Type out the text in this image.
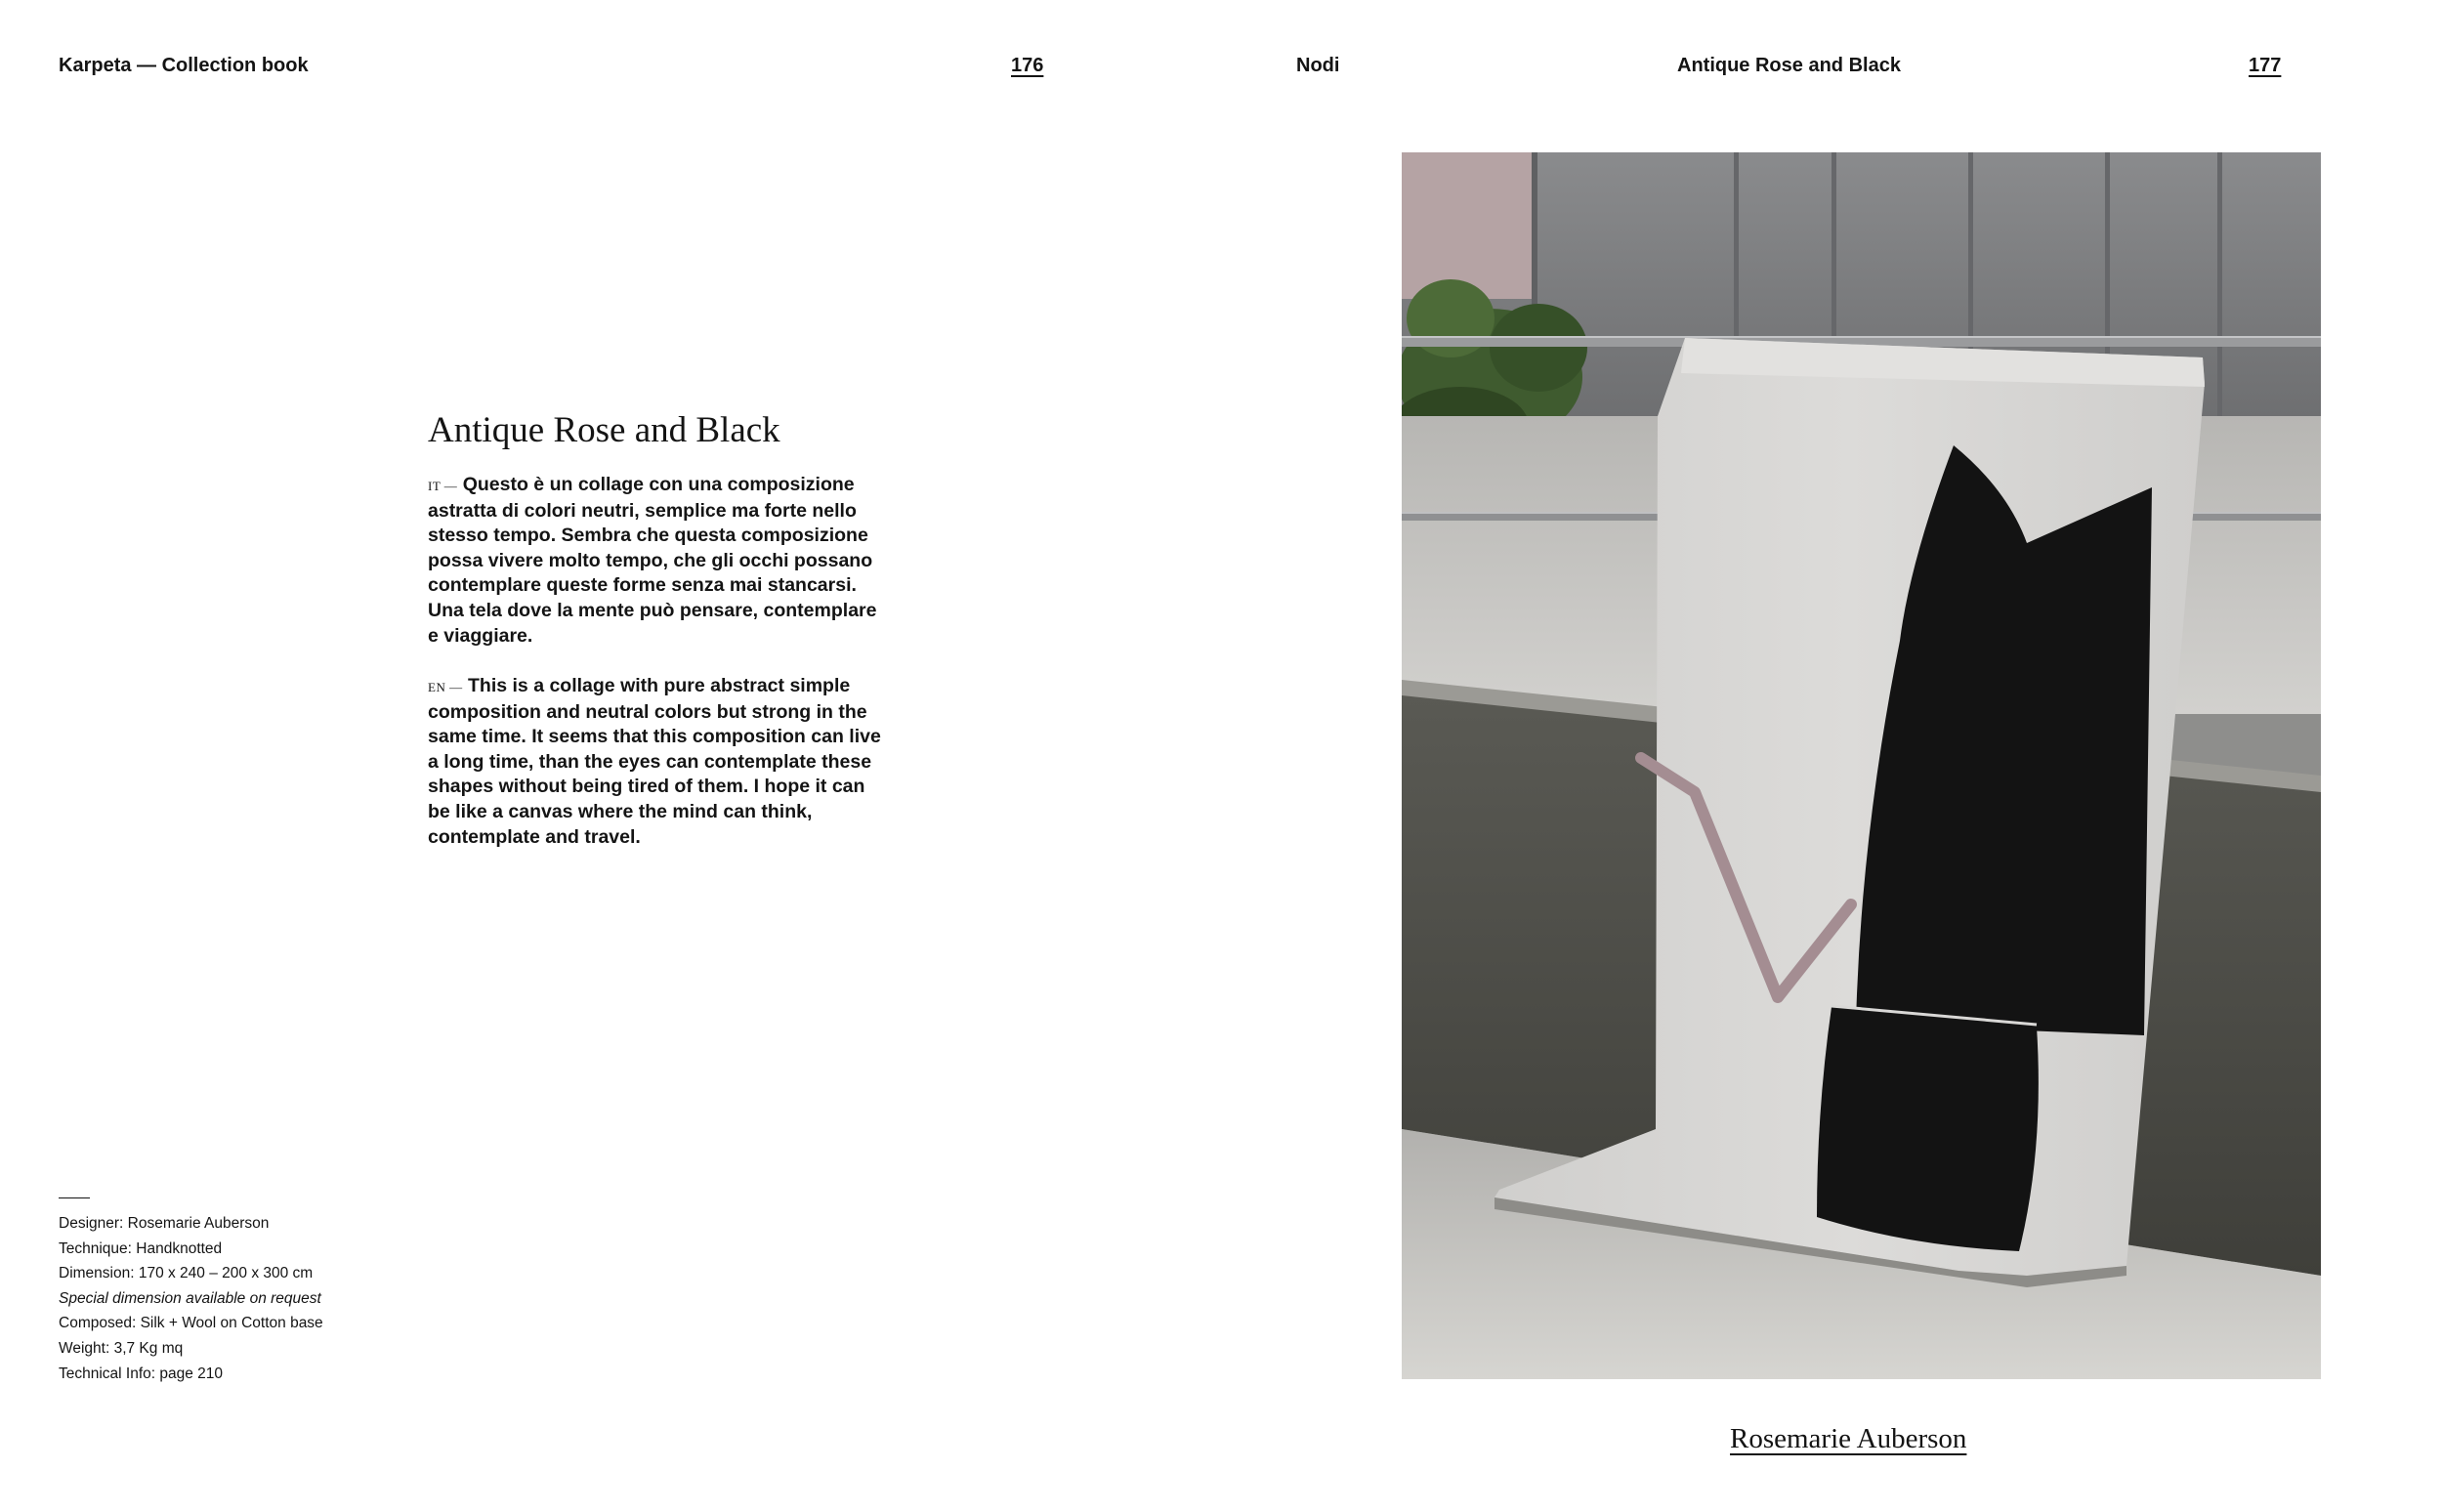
Karpeta — Collection book	176	Nodi	Antique Rose and Black	177
Antique Rose and Black

IT — Questo è un collage con una composizione astratta di colori neutri, semplice ma forte nello stesso tempo. Sembra che questa composizione possa vivere molto tempo, che gli occhi possano contemplare queste forme senza mai stancarsi. Una tela dove la mente può pensare, contemplare e viaggiare.

EN — This is a collage with pure abstract simple composition and neutral colors but strong in the same time. It seems that this composition can live a long time, than the eyes can contemplate these shapes without being tired of them. I hope it can be like a canvas where the mind can think, contemplate and travel.

Designer: Rosemarie Auberson
Technique: Handknotted
Dimension: 170 x 240 – 200 x 300 cm
Special dimension available on request
Composed: Silk + Wool on Cotton base
Weight: 3,7 Kg mq
Technical Info: page 210
Rosemarie Auberson
